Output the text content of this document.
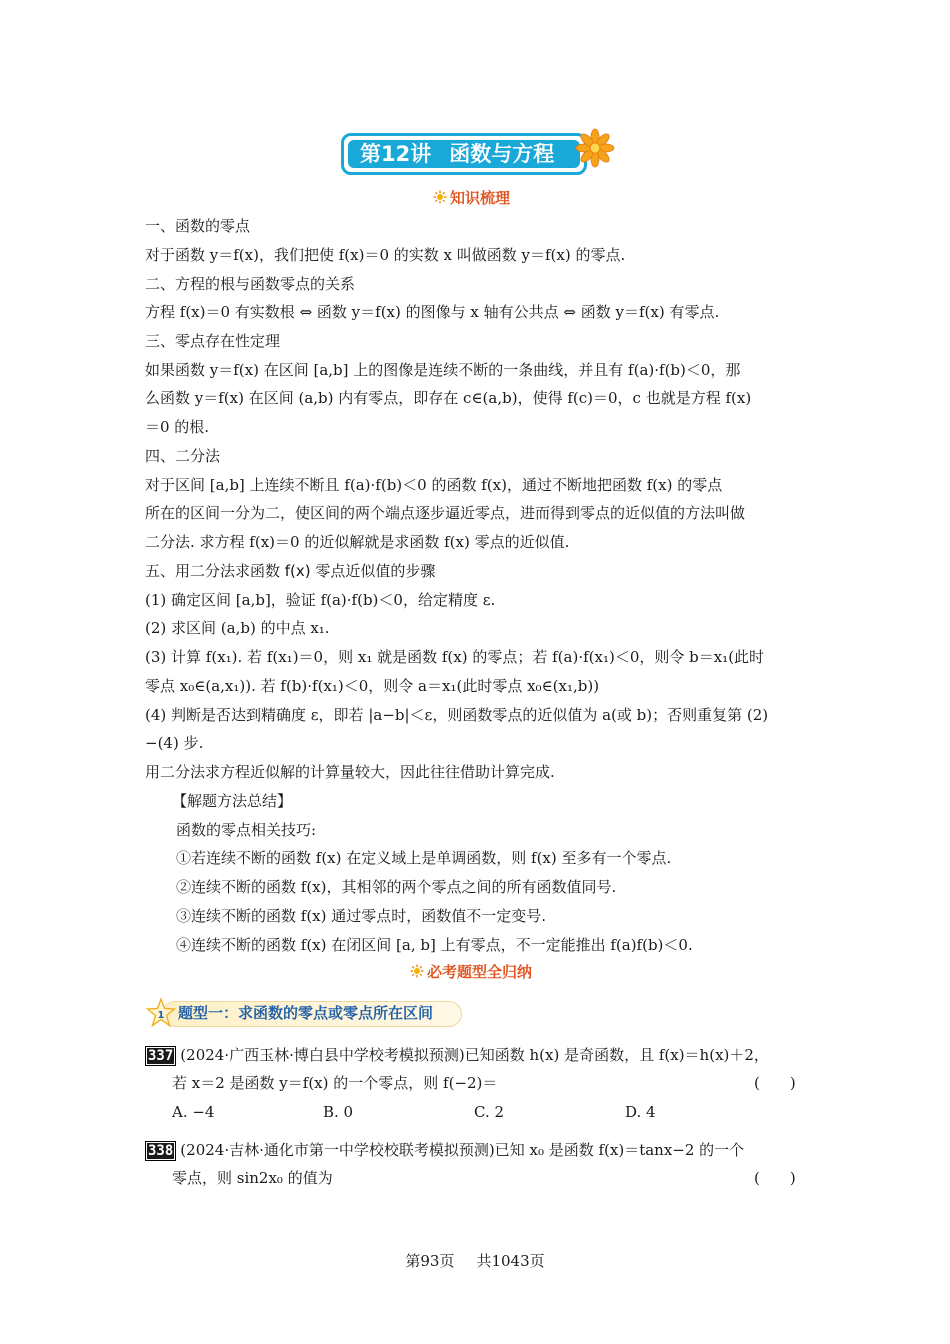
第12讲 函数与方程
知识梳理
一、函数的零点
对于函数 y＝f(x)，我们把使 f(x)＝0 的实数 x 叫做函数 y＝f(x) 的零点.
二、方程的根与函数零点的关系
方程 f(x)＝0 有实数根 ⇔ 函数 y＝f(x) 的图像与 x 轴有公共点 ⇔ 函数 y＝f(x) 有零点.
三、零点存在性定理
如果函数 y＝f(x) 在区间 [a,b] 上的图像是连续不断的一条曲线，并且有 f(a)·f(b)＜0，那
么函数 y＝f(x) 在区间 (a,b) 内有零点，即存在 c∈(a,b)，使得 f(c)＝0，c 也就是方程 f(x)
＝0 的根.
四、二分法
对于区间 [a,b] 上连续不断且 f(a)·f(b)＜0 的函数 f(x)，通过不断地把函数 f(x) 的零点
所在的区间一分为二，使区间的两个端点逐步逼近零点，进而得到零点的近似值的方法叫做
二分法. 求方程 f(x)＝0 的近似解就是求函数 f(x) 零点的近似值.
五、用二分法求函数 f(x) 零点近似值的步骤
(1) 确定区间 [a,b]，验证 f(a)·f(b)＜0，给定精度 ε.
(2) 求区间 (a,b) 的中点 x₁.
(3) 计算 f(x₁). 若 f(x₁)＝0，则 x₁ 就是函数 f(x) 的零点；若 f(a)·f(x₁)＜0，则令 b＝x₁(此时
零点 x₀∈(a,x₁)). 若 f(b)·f(x₁)＜0，则令 a＝x₁(此时零点 x₀∈(x₁,b))
(4) 判断是否达到精确度 ε，即若 |a−b|＜ε，则函数零点的近似值为 a(或 b)；否则重复第 (2)
−(4) 步.
用二分法求方程近似解的计算量较大，因此往往借助计算完成.
【解题方法总结】
函数的零点相关技巧:
①若连续不断的函数 f(x) 在定义域上是单调函数，则 f(x) 至多有一个零点.
②连续不断的函数 f(x)，其相邻的两个零点之间的所有函数值同号.
③连续不断的函数 f(x) 通过零点时，函数值不一定变号.
④连续不断的函数 f(x) 在闭区间 [a, b] 上有零点，不一定能推出 f(a)f(b)＜0.
必考题型全归纳
1 题型一：求函数的零点或零点所在区间
337 (2024·广西玉林·博白县中学校考模拟预测)已知函数 h(x) 是奇函数，且 f(x)＝h(x)＋2，
若 x＝2 是函数 y＝f(x) 的一个零点，则 f(−2)＝	(　　)
A. −4	B. 0	C. 2	D. 4
338 (2024·吉林·通化市第一中学校校联考模拟预测)已知 x₀ 是函数 f(x)＝tanx−2 的一个
零点，则 sin2x₀ 的值为	(　　)
第93页 共1043页
